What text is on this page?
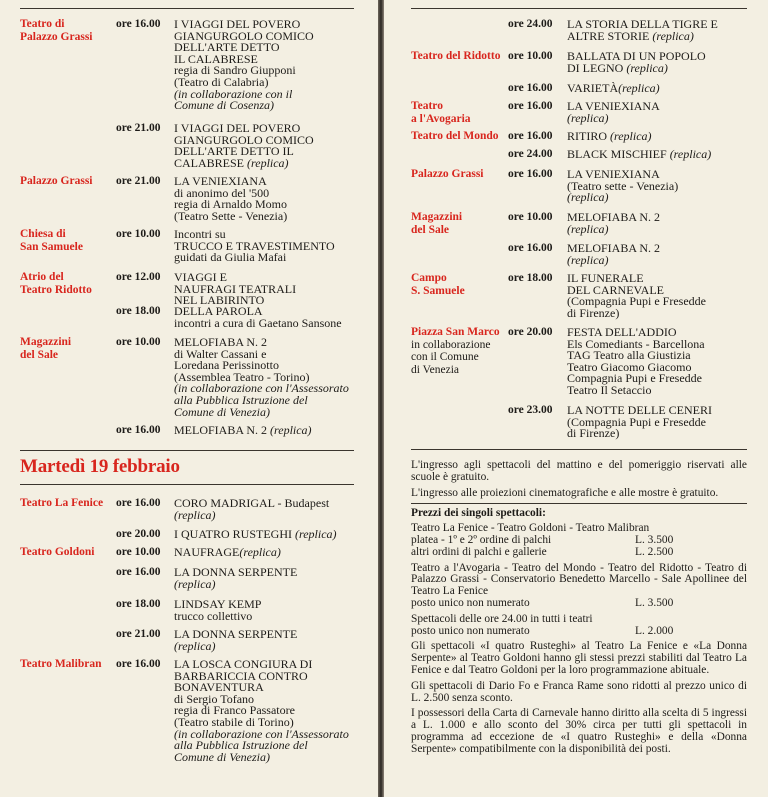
Teatro di
Palazzo Grassi
ore 16.00 I VIAGGI DEL POVERO
GIANGURGOLO COMICO
DELL'ARTE DETTO
IL CALABRESE
regia di Sandro Giupponi
(Teatro di Calabria)
(in collaborazione con il
Comune di Cosenza)
ore 21.00 I VIAGGI DEL POVERO
GIANGURGOLO COMICO
DELL'ARTE DETTO IL
CALABRESE (replica)
Palazzo Grassi ore 21.00 LA VENIEXIANA
di anonimo del '500
regia di Arnaldo Momo
(Teatro Sette - Venezia)
Chiesa di
San Samuele
ore 10.00 Incontri su
TRUCCO E TRAVESTIMENTO
guidati da Giulia Mafai
Atrio del
Teatro Ridotto
ore 12.00 VIAGGI E
NAUFRAGI TEATRALI
NEL LABIRINTO
ore 18.00 DELLA PAROLA
incontri a cura di Gaetano Sansone
Magazzini
del Sale
ore 10.00 MELOFIABA N. 2
di Walter Cassani e
Loredana Perissinotto
(Assemblea Teatro - Torino)
(in collaborazione con l'Assessorato
alla Pubblica Istruzione del
Comune di Venezia)
ore 16.00 MELOFIABA N. 2 (replica)
Martedì 19 febbraio
Teatro La Fenice ore 16.00 CORO MADRIGAL - Budapest
(replica)
ore 20.00 I QUATRO RUSTEGHI (replica)
Teatro Goldoni ore 10.00 NAUFRAGE(replica)
ore 16.00 LA DONNA SERPENTE
(replica)
ore 18.00 LINDSAY KEMP
trucco collettivo
ore 21.00 LA DONNA SERPENTE
(replica)
Teatro Malibran ore 16.00 LA LOSCA CONGIURA DI
BARBARICCIA CONTRO
BONAVENTURA
di Sergio Tofano
regia di Franco Passatore
(Teatro stabile di Torino)
(in collaborazione con l'Assessorato
alla Pubblica Istruzione del
Comune di Venezia)
ore 24.00 LA STORIA DELLA TIGRE E
ALTRE STORIE (replica)
Teatro del Ridotto ore 10.00 BALLATA DI UN POPOLO
DI LEGNO (replica)
ore 16.00 VARIETÀ(replica)
Teatro
a l'Avogaria
ore 16.00 LA VENIEXIANA
(replica)
Teatro del Mondo ore 16.00 RITIRO (replica)
ore 24.00 BLACK MISCHIEF (replica)
Palazzo Grassi ore 16.00 LA VENIEXIANA
(Teatro sette - Venezia)
(replica)
Magazzini
del Sale
ore 10.00 MELOFIABA N. 2
(replica)
ore 16.00 MELOFIABA N. 2
(replica)
Campo
S. Samuele
ore 18.00 IL FUNERALE
DEL CARNEVALE
(Compagnia Pupi e Fresedde
di Firenze)
Piazza San Marco
in collaborazione
con il Comune
di Venezia
ore 20.00 FESTA DELL'ADDIO
Els Comediants - Barcellona
TAG Teatro alla Giustizia
Teatro Giacomo Giacomo
Compagnia Pupi e Fresedde
Teatro Il Setaccio
ore 23.00 LA NOTTE DELLE CENERI
(Compagnia Pupi e Fresedde
di Firenze)

L'ingresso agli spettacoli del mattino e del pomeriggio riservati alle scuole è gratuito.

L'ingresso alle proiezioni cinematografiche e alle mostre è gratuito.

Prezzi dei singoli spettacoli:

Teatro La Fenice - Teatro Goldoni - Teatro Malibran
platea - 1º e 2º ordine di palchi	L. 3.500
altri ordini di palchi e gallerie	L. 2.500
Teatro a l'Avogaria - Teatro del Mondo - Teatro del Ridotto - Teatro di Palazzo Grassi - Conservatorio Benedetto Marcello - Sale Apollinee del Teatro La Fenice
posto unico non numerato	L. 3.500
Spettacoli delle ore 24.00 in tutti i teatri
posto unico non numerato	L. 2.000

Gli spettacoli «I quatro Rusteghi» al Teatro La Fenice e «La Donna Serpente» al Teatro Goldoni hanno gli stessi prezzi stabiliti dal Teatro La Fenice e dal Teatro Goldoni per la loro programmazione abituale.

Gli spettacoli di Dario Fo e Franca Rame sono ridotti al prezzo unico di L. 2.500 senza sconto.

I possessori della Carta di Carnevale hanno diritto alla scelta di 5 ingressi a L. 1.000 e allo sconto del 30% circa per tutti gli spettacoli in programma ad eccezione de «I quatro Rusteghi» e della «Donna Serpente» compatibilmente con la disponibilità dei posti.
